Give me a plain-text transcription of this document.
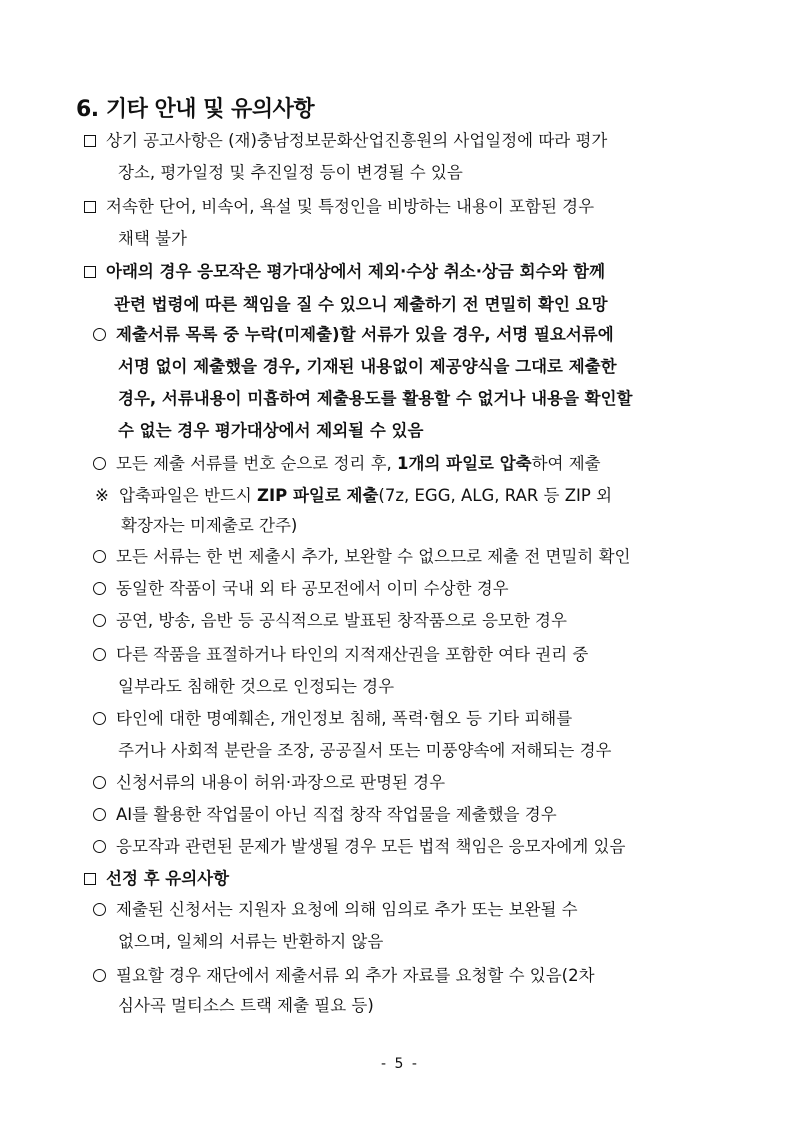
6. 기타 안내 및 유의사항
상기 공고사항은 (재)충남정보문화산업진흥원의 사업일정에 따라 평가
장소, 평가일정 및 추진일정 등이 변경될 수 있음
저속한 단어, 비속어, 욕설 및 특정인을 비방하는 내용이 포함된 경우
채택 불가
아래의 경우 응모작은 평가대상에서 제외·수상 취소·상금 회수와 함께
관련 법령에 따른 책임을 질 수 있으니 제출하기 전 면밀히 확인 요망
제출서류 목록 중 누락(미제출)할 서류가 있을 경우, 서명 필요서류에
서명 없이 제출했을 경우, 기재된 내용없이 제공양식을 그대로 제출한
경우, 서류내용이 미흡하여 제출용도를 활용할 수 없거나 내용을 확인할
수 없는 경우 평가대상에서 제외될 수 있음
모든 제출 서류를 번호 순으로 정리 후, 1개의 파일로 압축하여 제출
※ 압축파일은 반드시 ZIP 파일로 제출(7z, EGG, ALG, RAR 등 ZIP 외
확장자는 미제출로 간주)
모든 서류는 한 번 제출시 추가, 보완할 수 없으므로 제출 전 면밀히 확인
동일한 작품이 국내 외 타 공모전에서 이미 수상한 경우
공연, 방송, 음반 등 공식적으로 발표된 창작품으로 응모한 경우
다른 작품을 표절하거나 타인의 지적재산권을 포함한 여타 권리 중
일부라도 침해한 것으로 인정되는 경우
타인에 대한 명예훼손, 개인정보 침해, 폭력·혐오 등 기타 피해를
주거나 사회적 분란을 조장, 공공질서 또는 미풍양속에 저해되는 경우
신청서류의 내용이 허위·과장으로 판명된 경우
AI를 활용한 작업물이 아닌 직접 창작 작업물을 제출했을 경우
응모작과 관련된 문제가 발생될 경우 모든 법적 책임은 응모자에게 있음
선정 후 유의사항
제출된 신청서는 지원자 요청에 의해 임의로 추가 또는 보완될 수
없으며, 일체의 서류는 반환하지 않음
필요할 경우 재단에서 제출서류 외 추가 자료를 요청할 수 있음(2차
심사곡 멀티소스 트랙 제출 필요 등)
- 5 -
